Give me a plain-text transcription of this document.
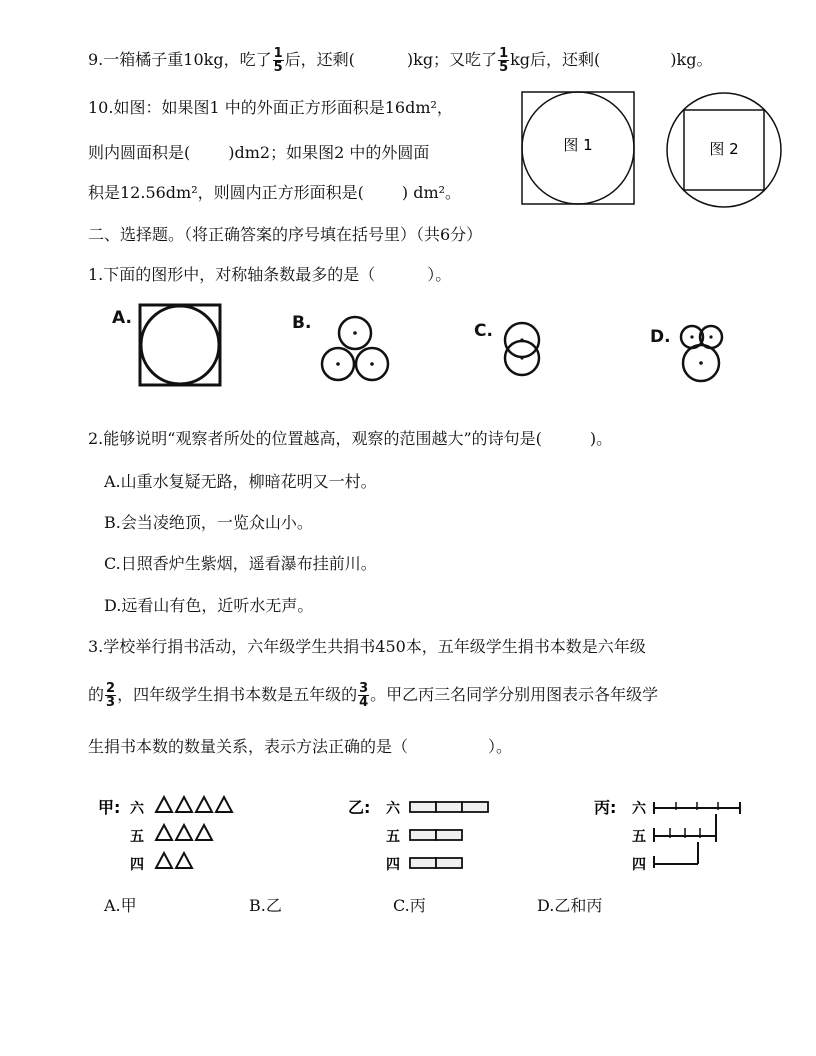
9.一箱橘子重10kg，吃了 $\frac{1}{5}$ 后，还剩(	)kg；又吃了 $\frac{1}{5}$ kg后，还剩(	)kg。
10.如图：如果图1 中的外面正方形面积是16dm²，
则内圆面积是( )dm2；如果图2 中的外圆面
积是12.56dm²，则圆内正方形面积是( ) dm²。
图 1	图 2
二、选择题。（将正确答案的序号填在括号里）（共6分）
1.下面的图形中，对称轴条数最多的是（	）。
A.	B.	C.	D.
2.能够说明“观察者所处的位置越高，观察的范围越大”的诗句是(	)。
A.山重水复疑无路，柳暗花明又一村。
B.会当凌绝顶，一览众山小。
C.日照香炉生紫烟，遥看瀑布挂前川。
D.远看山有色，近听水无声。
3.学校举行捐书活动，六年级学生共捐书450本，五年级学生捐书本数是六年级
的 $\frac{2}{3}$ ，四年级学生捐书本数是五年级的 $\frac{3}{4}$ 。甲乙丙三名同学分别用图表示各年级学
生捐书本数的数量关系，表示方法正确的是（	）。
甲: 六
五
四
乙: 六
五
四
丙: 六
五
四
A.甲	B.乙	C.丙	D.乙和丙
